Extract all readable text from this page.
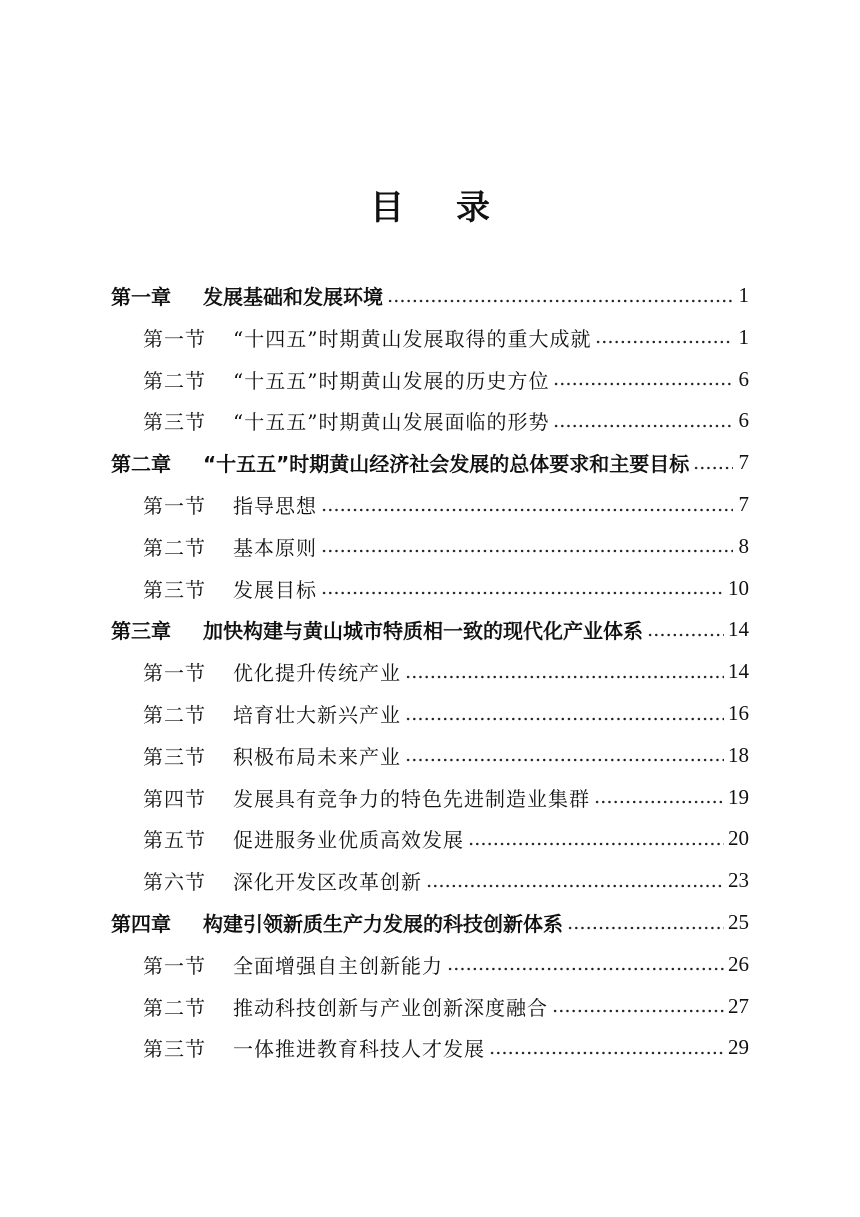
目录
第一章	发展基础和发展环境	1
第一节	“十四五”时期黄山发展取得的重大成就	1
第二节	“十五五”时期黄山发展的历史方位	6
第三节	“十五五”时期黄山发展面临的形势	6
第二章	“十五五”时期黄山经济社会发展的总体要求和主要目标 7
第一节	指导思想	7
第二节	基本原则	8
第三节	发展目标	10
第三章	加快构建与黄山城市特质相一致的现代化产业体系	14
第一节	优化提升传统产业	14
第二节	培育壮大新兴产业	16
第三节	积极布局未来产业	18
第四节	发展具有竞争力的特色先进制造业集群	19
第五节	促进服务业优质高效发展	20
第六节	深化开发区改革创新	23
第四章	构建引领新质生产力发展的科技创新体系	25
第一节	全面增强自主创新能力	26
第二节	推动科技创新与产业创新深度融合	27
第三节	一体推进教育科技人才发展	29
